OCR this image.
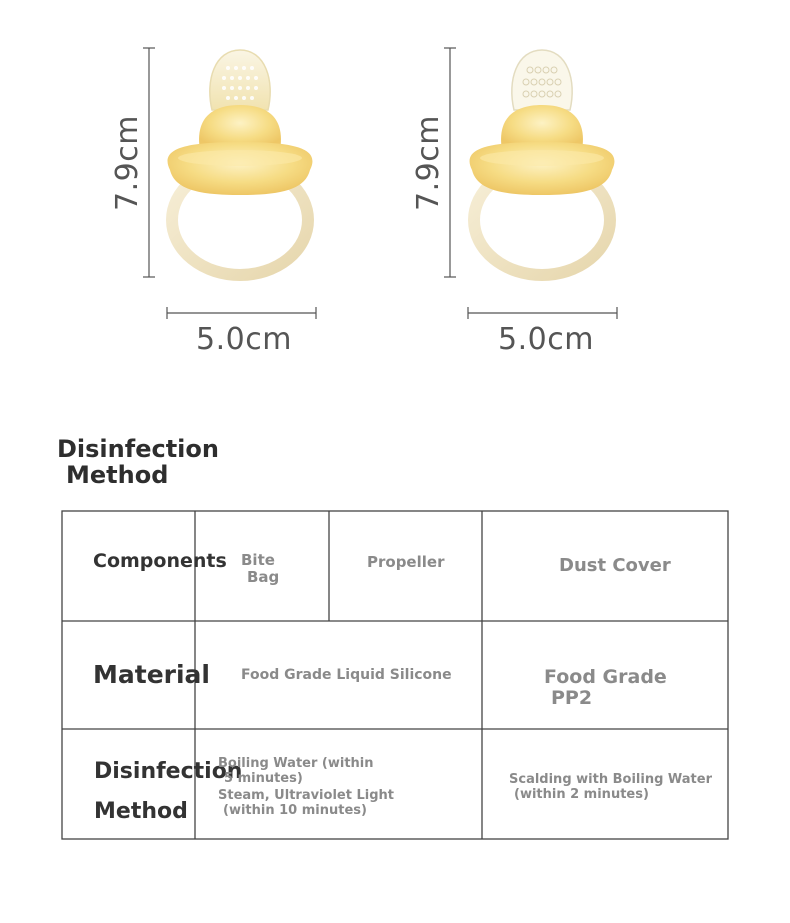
7.9cm
5.0cm
7.9cm
5.0cm
Disinfection
Method
Components Bite
Bag
Propeller	Dust Cover
Material Food Grade Liquid Silicone	Food Grade
PP2
Disinfection
Method
Boiling Water (within
5 minutes)
Steam, Ultraviolet Light
(within 10 minutes)
Scalding with Boiling Water
(within 2 minutes)
